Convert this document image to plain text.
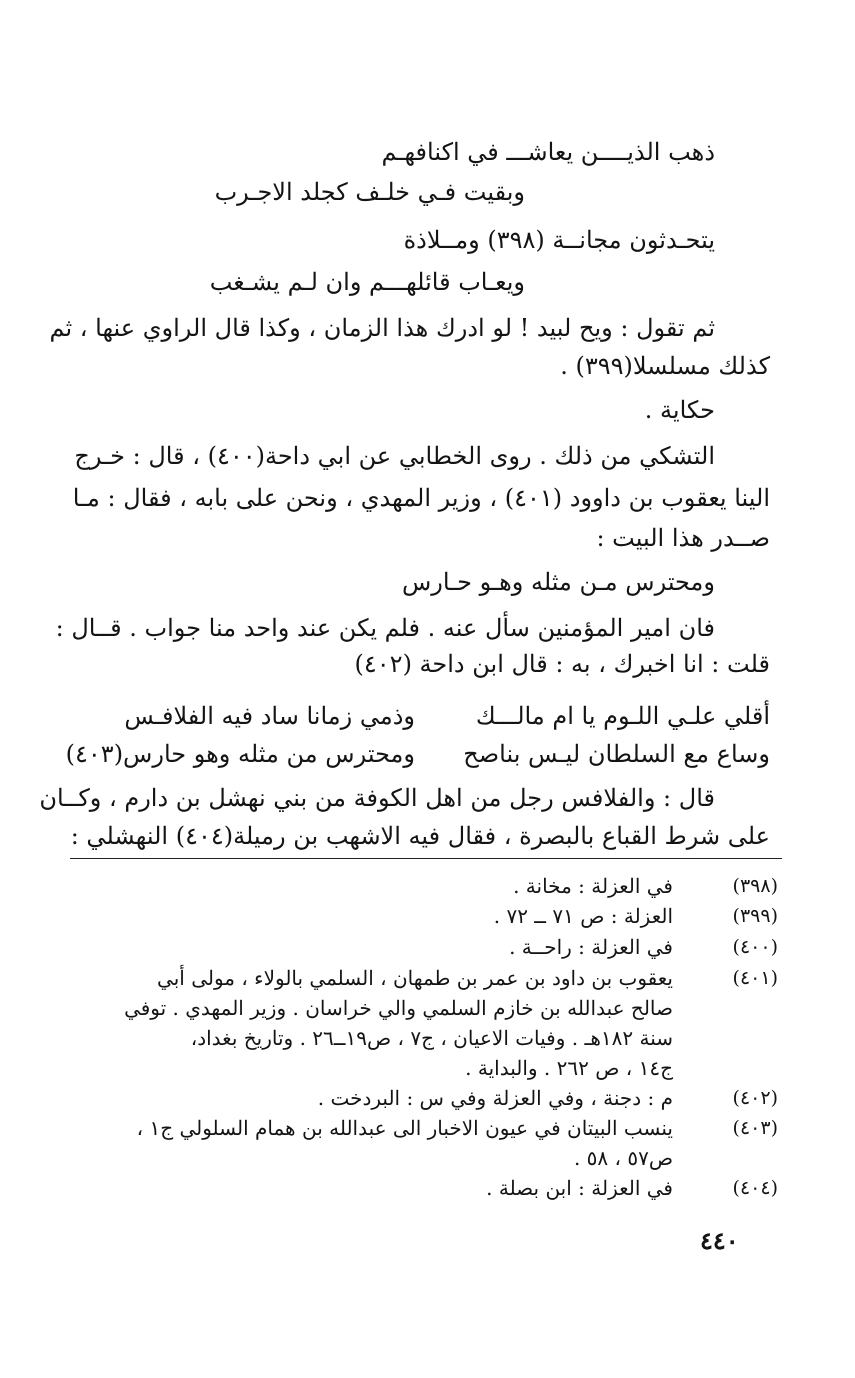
ذهب الذيــــن يعاشـــ في اكنافهـم
وبقيت فـي خلـف كجلد الاجـرب
يتحـدثون مجانــة (٣٩٨) ومــلاذة
ويعـاب قائلهـــم وان لـم يشـغب
ثم تقول : ويح لبيد ! لو ادرك هذا الزمان ، وكذا قال الراوي عنها ، ثم
كذلك مسلسلا(٣٩٩) .
حكاية .
التشكي من ذلك . روى الخطابي عن ابي داحة(٤٠٠) ، قال : خـرج
الينا يعقوب بن داوود (٤٠١) ، وزير المهدي ، ونحن على بابه ، فقال : مـا
صــدر هذا البيت :
ومحترس مـن مثله وهـو حـارس
فان امير المؤمنين سأل عنه . فلم يكن عند واحد منا جواب . قــال :
قلت : انا اخبرك ، به : قال ابن داحة (٤٠٢)
أقلي علـي اللـوم يا ام مالـــك
وذمي زمانا ساد فيه الفلافـس
وساع مع السلطان ليـس بناصح
ومحترس من مثله وهو حارس(٤٠٣)
قال : والفلافس رجل من اهل الكوفة من بني نهشل بن دارم ، وكــان
على شرط القباع بالبصرة ، فقال فيه الاشهب بن رميلة(٤٠٤) النهشلي :
(٣٩٨)
في العزلة : مخانة .
(٣٩٩)
العزلة : ص ٧١ ــ ٧٢ .
(٤٠٠)
في العزلة : راحــة .
(٤٠١)
يعقوب بن داود بن عمر بن طمهان ، السلمي بالولاء ، مولى أبي
صالح عبدالله بن خازم السلمي والي خراسان . وزير المهدي . توفي
سنة ١٨٢هـ . وفيات الاعيان ، ج٧ ، ص١٩ــ٢٦ . وتاريخ بغداد،
ج١٤ ، ص ٢٦٢ . والبداية .
(٤٠٢)
م : دجنة ، وفي العزلة وفي س : البردخت .
(٤٠٣)
ينسب البيتان في عيون الاخبار الى عبدالله بن همام السلولي ج١ ،
ص٥٧ ، ٥٨ .
(٤٠٤)
في العزلة : ابن بصلة .
٤٤٠
